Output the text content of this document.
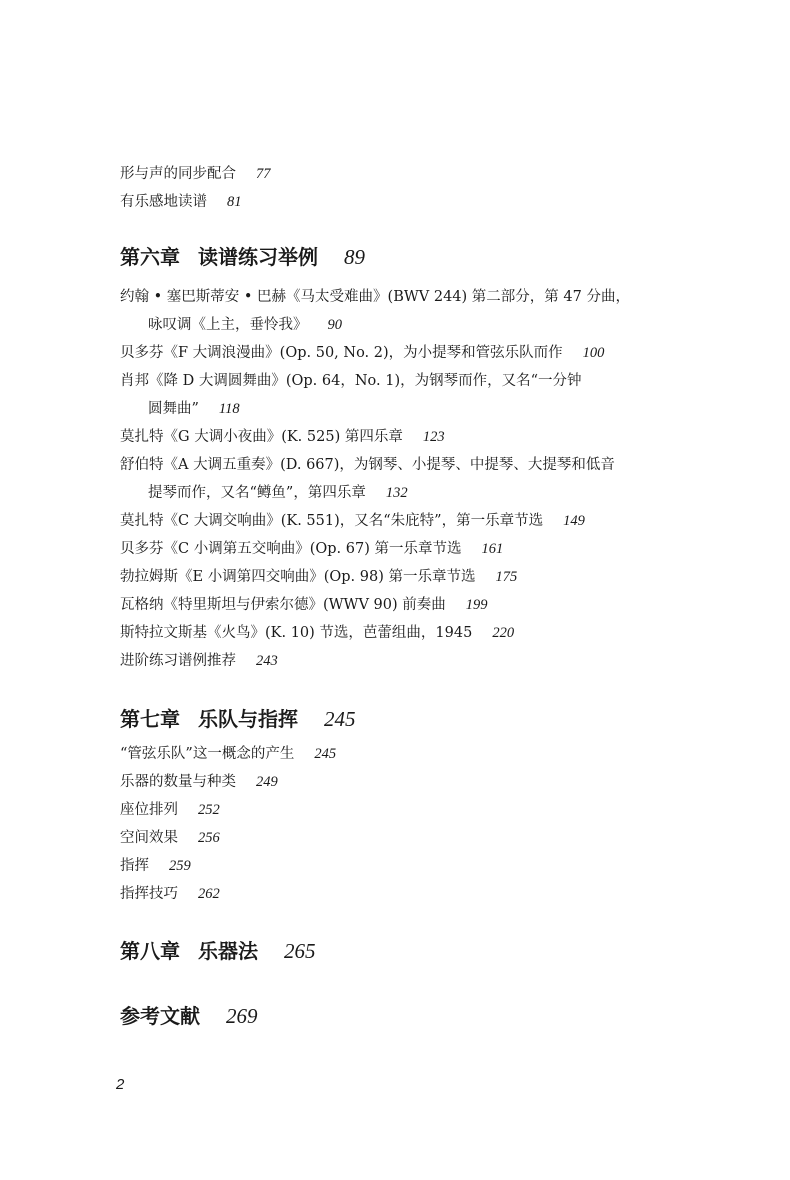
形与声的同步配合 77
有乐感地读谱 81
第六章 读谱练习举例 89
约翰 • 塞巴斯蒂安 • 巴赫《马太受难曲》(BWV 244) 第二部分，第 47 分曲，
咏叹调《上主，垂怜我》 90
贝多芬《F 大调浪漫曲》(Op. 50, No. 2)，为小提琴和管弦乐队而作 100
肖邦《降 D 大调圆舞曲》(Op. 64，No. 1)，为钢琴而作，又名“一分钟
圆舞曲” 118
莫扎特《G 大调小夜曲》(K. 525) 第四乐章 123
舒伯特《A 大调五重奏》(D. 667)，为钢琴、小提琴、中提琴、大提琴和低音
提琴而作，又名“鳟鱼”，第四乐章 132
莫扎特《C 大调交响曲》(K. 551)，又名“朱庇特”，第一乐章节选 149
贝多芬《C 小调第五交响曲》(Op. 67) 第一乐章节选 161
勃拉姆斯《E 小调第四交响曲》(Op. 98) 第一乐章节选 175
瓦格纳《特里斯坦与伊索尔德》(WWV 90) 前奏曲 199
斯特拉文斯基《火鸟》(K. 10) 节选，芭蕾组曲，1945 220
进阶练习谱例推荐 243
第七章 乐队与指挥 245
“管弦乐队”这一概念的产生 245
乐器的数量与种类 249
座位排列 252
空间效果 256
指挥 259
指挥技巧 262
第八章 乐器法 265
参考文献 269
2
